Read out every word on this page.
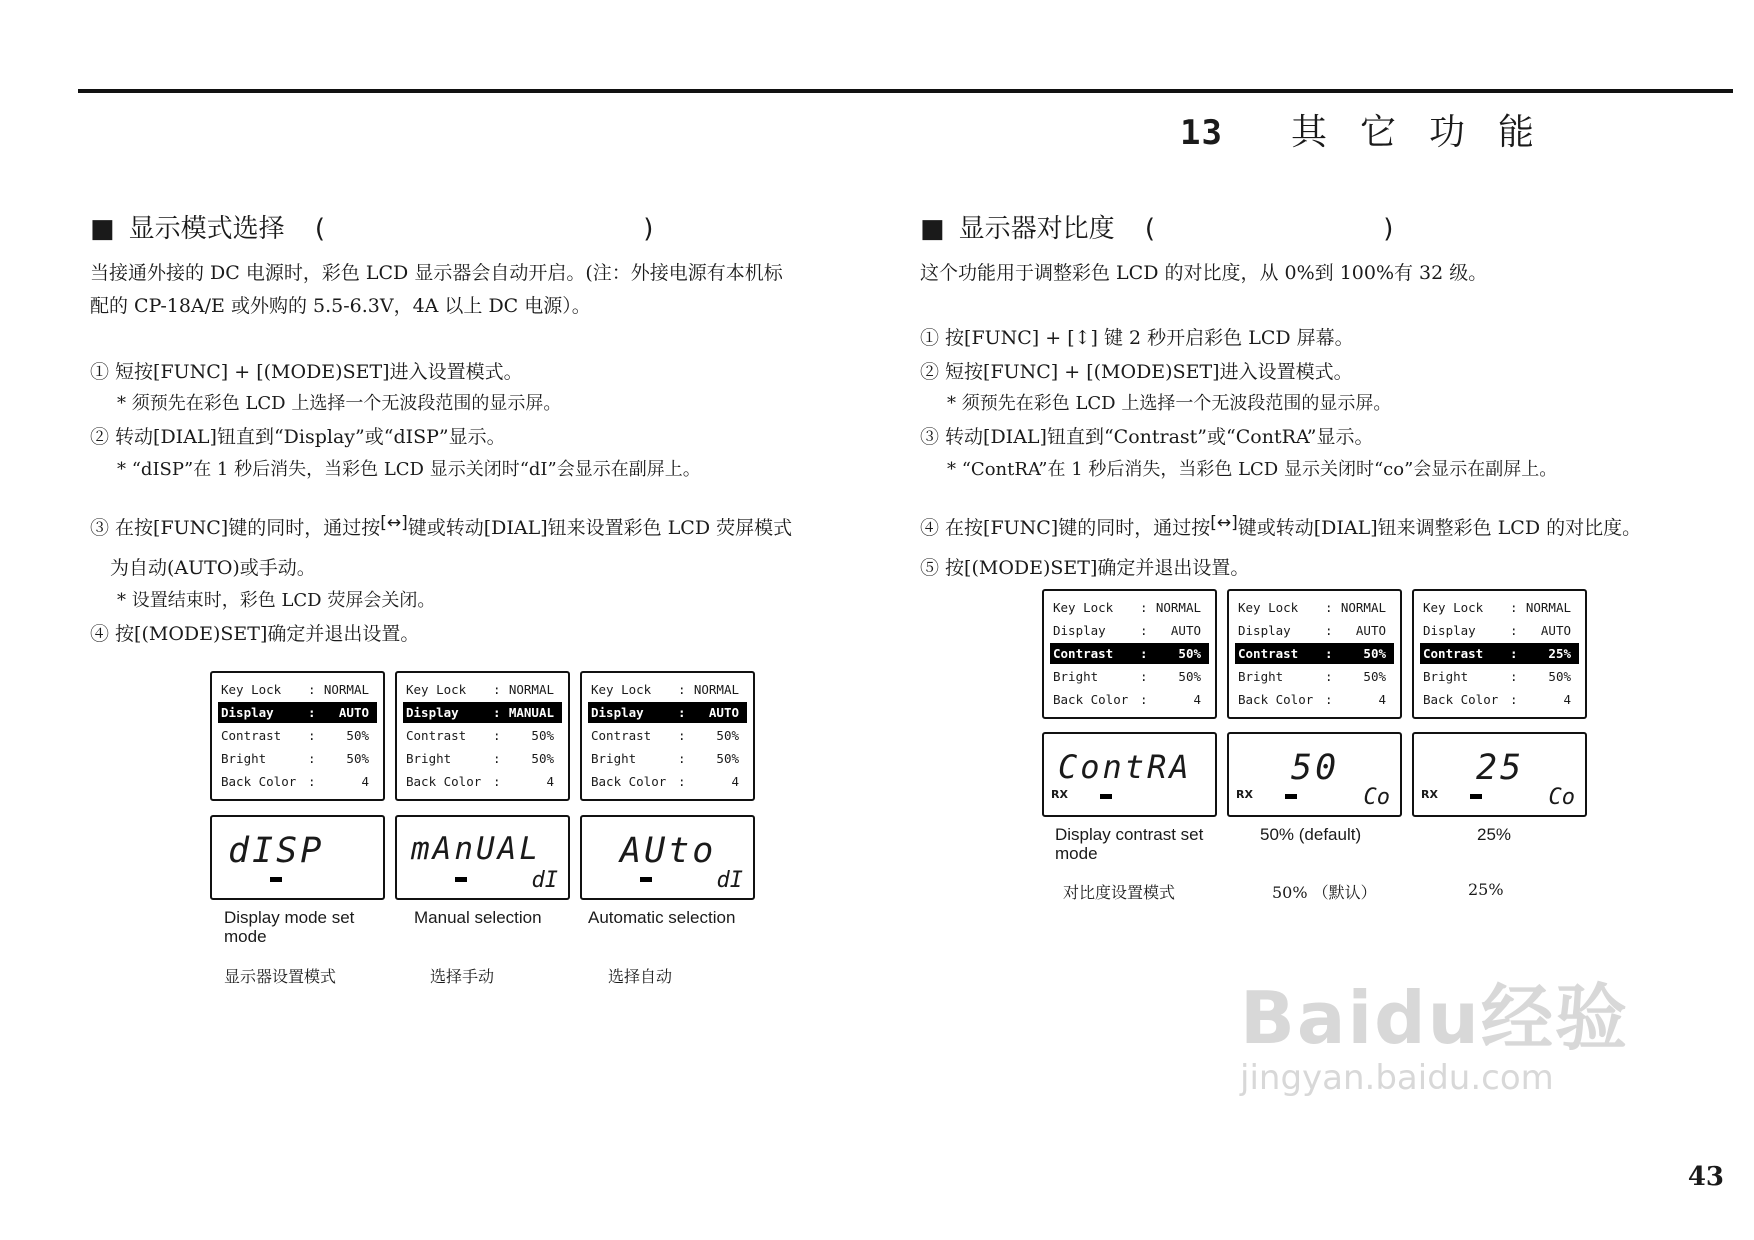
13 其它功能
■ 显示模式选择 (	)
当接通外接的 DC 电源时，彩色 LCD 显示器会自动开启。(注：外接电源有本机标
配的 CP-18A/E 或外购的 5.5-6.3V，4A 以上 DC 电源）。
① 短按[FUNC] + [(MODE)SET]进入设置模式。
* 须预先在彩色 LCD 上选择一个无波段范围的显示屏。
② 转动[DIAL]钮直到“Display”或“dISP”显示。
* “dISP”在 1 秒后消失，当彩色 LCD 显示关闭时“dI”会显示在副屏上。
③ 在按[FUNC]键的同时，通过按[↔]键或转动[DIAL]钮来设置彩色 LCD 荧屏模式
为自动(AUTO)或手动。
* 设置结束时，彩色 LCD 荧屏会关闭。
④ 按[(MODE)SET]确定并退出设置。
Key Lock : NORMAL
Display	: AUTO
Contrast : 50%
Bright	: 50%
Back Color :	4
dISP
Display mode set mode
显示器设置模式
Key Lock : NORMAL
Display	: MANUAL
Contrast : 50%
Bright	: 50%
Back Color :	4
mAnUAL
dI
Manual selection
选择手动
Key Lock : NORMAL
Display	: AUTO
Contrast : 50%
Bright	: 50%
Back Color :	4
AUto
dI
Automatic selection
选择自动
■ 显示器对比度 (	)
这个功能用于调整彩色 LCD 的对比度，从 0%到 100%有 32 级。
① 按[FUNC] + [↕] 键 2 秒开启彩色 LCD 屏幕。
② 短按[FUNC] + [(MODE)SET]进入设置模式。
* 须预先在彩色 LCD 上选择一个无波段范围的显示屏。
③ 转动[DIAL]钮直到“Contrast”或“ContRA”显示。
* “ContRA”在 1 秒后消失，当彩色 LCD 显示关闭时“co”会显示在副屏上。
④ 在按[FUNC]键的同时，通过按[↔]键或转动[DIAL]钮来调整彩色 LCD 的对比度。
⑤ 按[(MODE)SET]确定并退出设置。
Key Lock : NORMAL
Display	: AUTO
Contrast : 50%
Bright	: 50%
Back Color :	4
ContRA
RX
Display contrast set mode
对比度设置模式
Key Lock : NORMAL
Display	: AUTO
Contrast : 50%
Bright	: 50%
Back Color :	4
50
RX	Co
50% (default)
50% （默认）
Key Lock : NORMAL
Display	: AUTO
Contrast : 25%
Bright	: 50%
Back Color :	4
25
RX	Co
25%
25%
Baidu经验
jingyan.baidu.com
43
